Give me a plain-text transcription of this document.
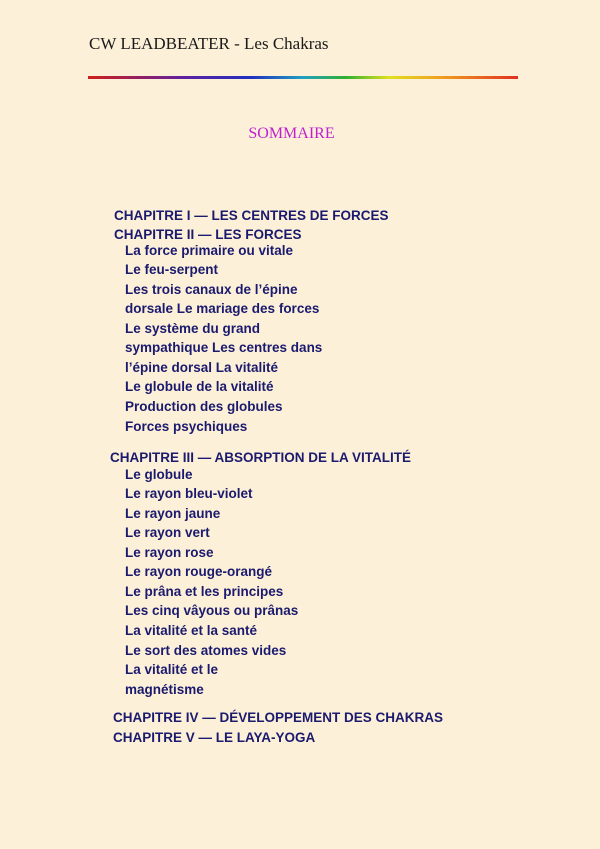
CW LEADBEATER - Les Chakras
SOMMAIRE
CHAPITRE I — LES CENTRES DE FORCES
CHAPITRE II — LES FORCES
La force primaire ou vitale
Le feu-serpent
Les trois canaux de l’épine
dorsale Le mariage des forces
Le système du grand
sympathique Les centres dans
l’épine dorsal La vitalité
Le globule de la vitalité
Production des globules
Forces psychiques
CHAPITRE III — ABSORPTION DE LA VITALITÉ
Le globule
Le rayon bleu-violet
Le rayon jaune
Le rayon vert
Le rayon rose
Le rayon rouge-orangé
Le prâna et les principes
Les cinq vâyous ou prânas
La vitalité et la santé
Le sort des atomes vides
La vitalité et le
magnétisme
CHAPITRE IV — DÉVELOPPEMENT DES CHAKRAS
CHAPITRE V — LE LAYA-YOGA
